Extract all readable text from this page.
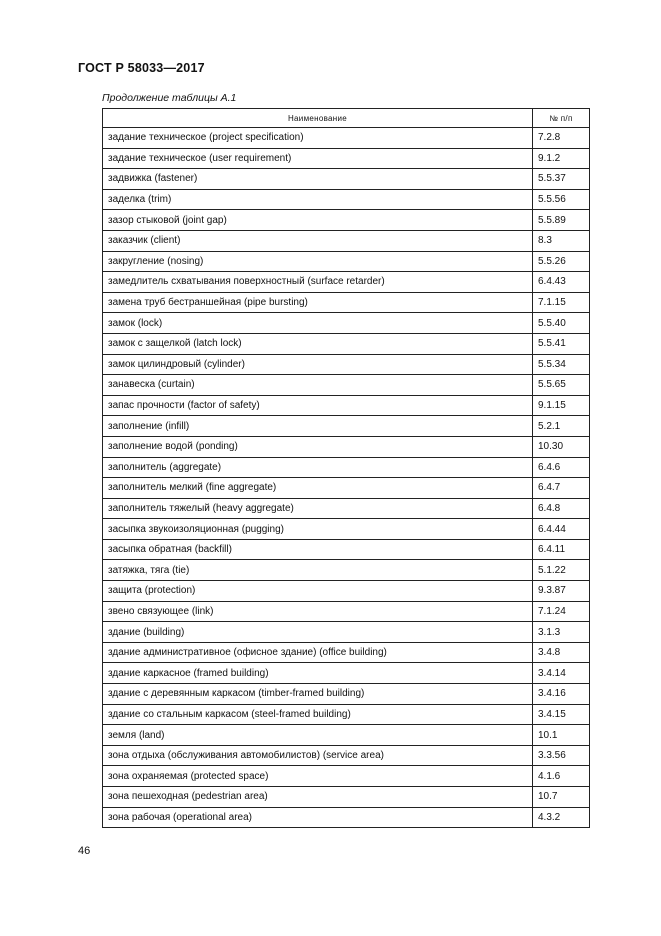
ГОСТ Р 58033—2017
Продолжение таблицы А.1
Наименование	№ п/п
задание техническое (project specification)	7.2.8
задание техническое (user requirement)	9.1.2
задвижка (fastener)	5.5.37
заделка (trim)	5.5.56
зазор стыковой (joint gap)	5.5.89
заказчик (client)	8.3
закругление (nosing)	5.5.26
замедлитель схватывания поверхностный (surface retarder)	6.4.43
замена труб бестраншейная (pipe bursting)	7.1.15
замок (lock)	5.5.40
замок с защелкой (latch lock)	5.5.41
замок цилиндровый (cylinder)	5.5.34
занавеска (curtain)	5.5.65
запас прочности (factor of safety)	9.1.15
заполнение (infill)	5.2.1
заполнение водой (ponding)	10.30
заполнитель (aggregate)	6.4.6
заполнитель мелкий (fine aggregate)	6.4.7
заполнитель тяжелый (heavy aggregate)	6.4.8
засыпка звукоизоляционная (pugging)	6.4.44
засыпка обратная (backfill)	6.4.11
затяжка, тяга (tie)	5.1.22
защита (protection)	9.3.87
звено связующее (link)	7.1.24
здание (building)	3.1.3
здание административное (офисное здание) (office building)	3.4.8
здание каркасное (framed building)	3.4.14
здание с деревянным каркасом (timber-framed building)	3.4.16
здание со стальным каркасом (steel-framed building)	3.4.15
земля (land)	10.1
зона отдыха (обслуживания автомобилистов) (service area)	3.3.56
зона охраняемая (protected space)	4.1.6
зона пешеходная (pedestrian area)	10.7
зона рабочая (operational area)	4.3.2
46
